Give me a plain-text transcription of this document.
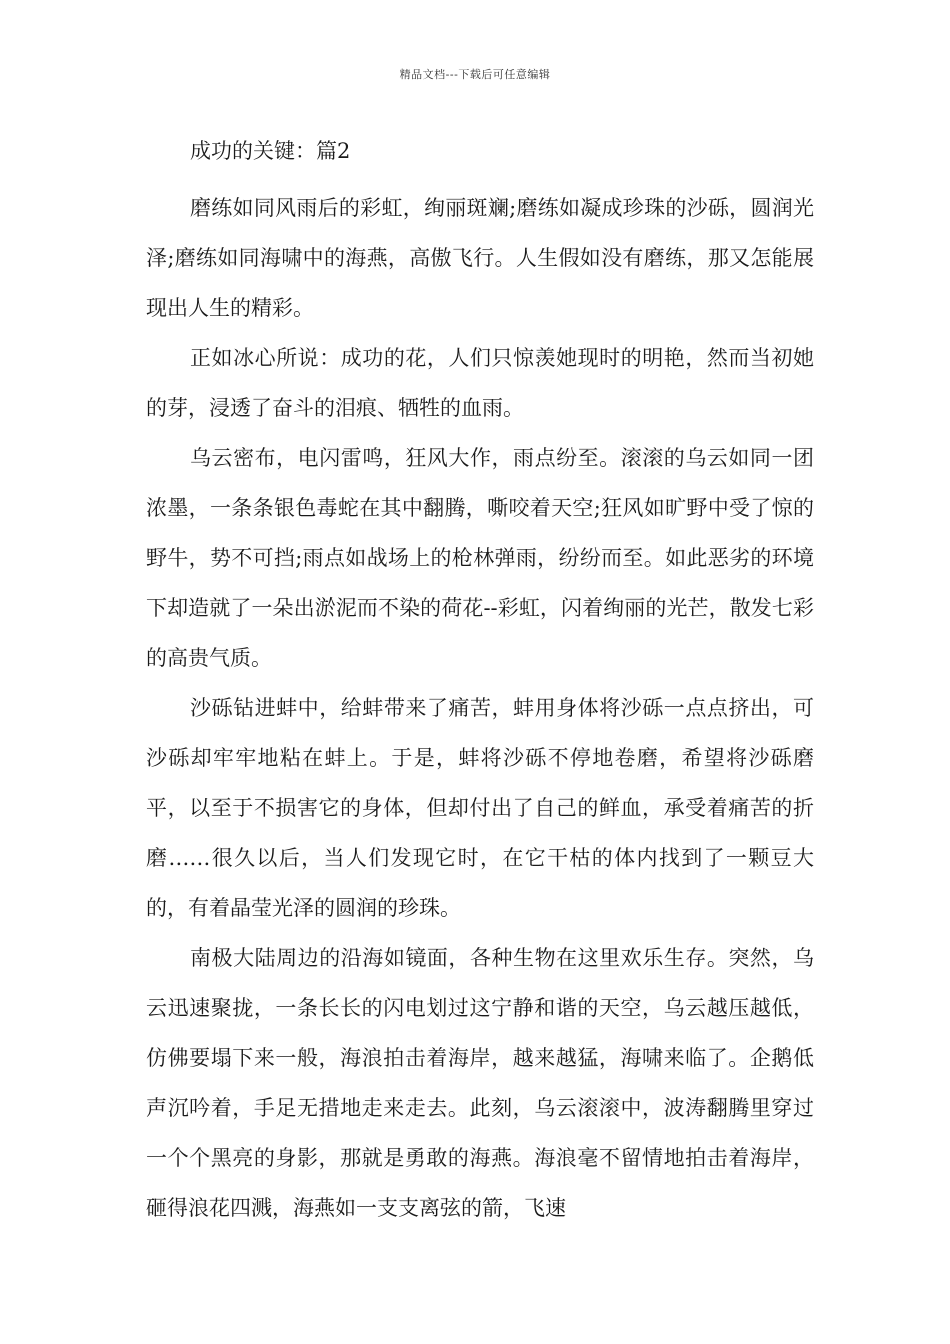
精品文档---下载后可任意编辑

成功的关键：篇2

磨练如同风雨后的彩虹，绚丽斑斓;磨练如凝成珍珠的沙砾，圆润光泽;磨练如同海啸中的海燕，高傲飞行。人生假如没有磨练，那又怎能展现出人生的精彩。

正如冰心所说：成功的花，人们只惊羡她现时的明艳，然而当初她的芽，浸透了奋斗的泪痕、牺牲的血雨。

乌云密布，电闪雷鸣，狂风大作，雨点纷至。滚滚的乌云如同一团浓墨，一条条银色毒蛇在其中翻腾，嘶咬着天空;狂风如旷野中受了惊的野牛，势不可挡;雨点如战场上的枪林弹雨，纷纷而至。如此恶劣的环境下却造就了一朵出淤泥而不染的荷花--彩虹，闪着绚丽的光芒，散发七彩的高贵气质。

沙砾钻进蚌中，给蚌带来了痛苦，蚌用身体将沙砾一点点挤出，可沙砾却牢牢地粘在蚌上。于是，蚌将沙砾不停地卷磨，希望将沙砾磨平，以至于不损害它的身体，但却付出了自己的鲜血，承受着痛苦的折磨……很久以后，当人们发现它时，在它干枯的体内找到了一颗豆大的，有着晶莹光泽的圆润的珍珠。

南极大陆周边的沿海如镜面，各种生物在这里欢乐生存。突然，乌云迅速聚拢，一条长长的闪电划过这宁静和谐的天空，乌云越压越低，仿佛要塌下来一般，海浪拍击着海岸，越来越猛，海啸来临了。企鹅低声沉吟着，手足无措地走来走去。此刻，乌云滚滚中，波涛翻腾里穿过一个个黑亮的身影，那就是勇敢的海燕。海浪毫不留情地拍击着海岸，砸得浪花四溅，海燕如一支支离弦的箭，飞速
